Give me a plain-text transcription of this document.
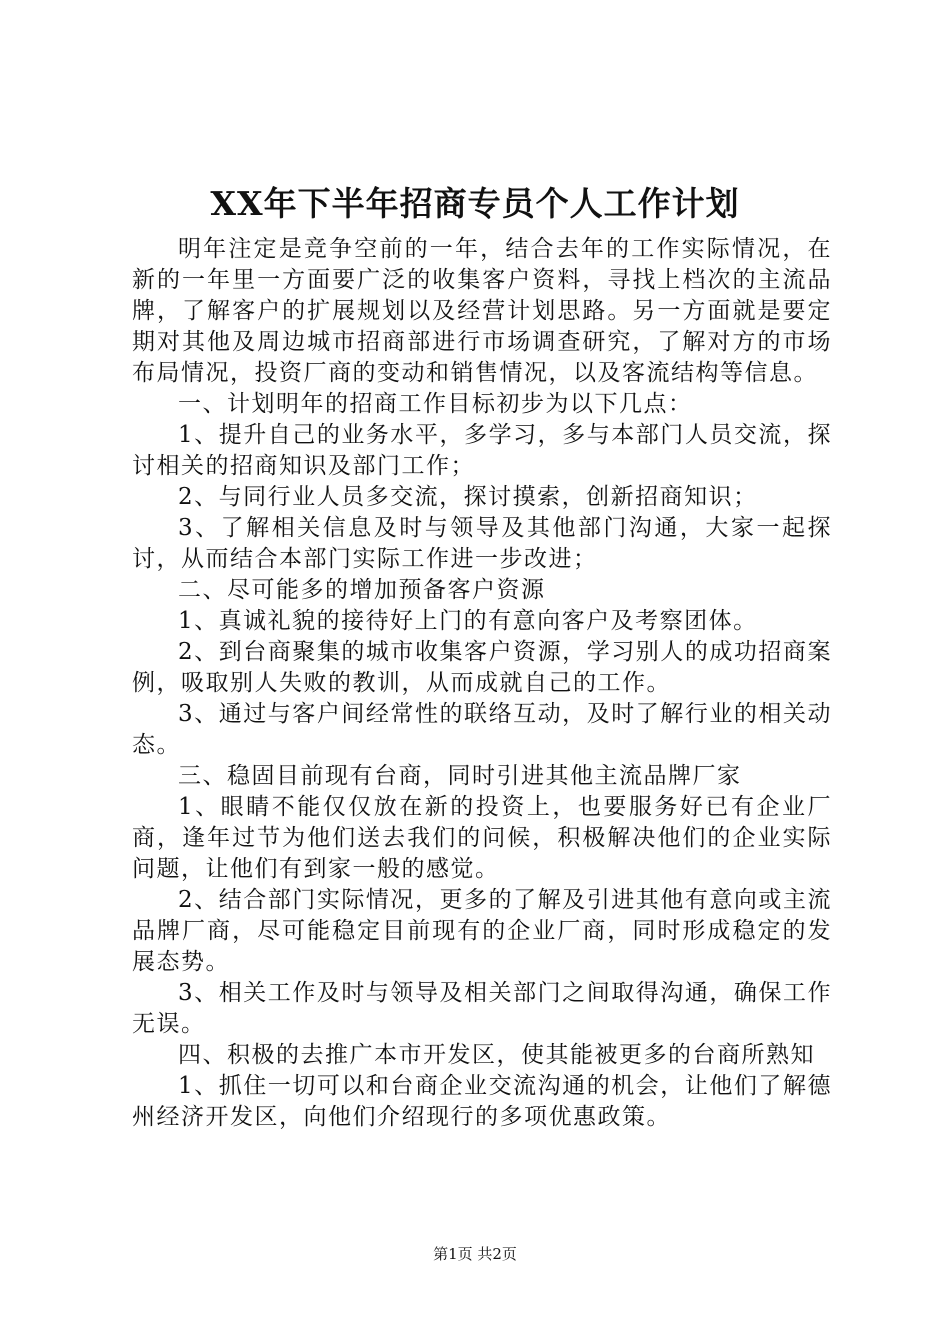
XX年下半年招商专员个人工作计划

明年注定是竞争空前的一年，结合去年的工作实际情况，在新的一年里一方面要广泛的收集客户资料，寻找上档次的主流品牌，了解客户的扩展规划以及经营计划思路。另一方面就是要定期对其他及周边城市招商部进行市场调查研究，了解对方的市场布局情况，投资厂商的变动和销售情况，以及客流结构等信息。

一、计划明年的招商工作目标初步为以下几点：

1、提升自己的业务水平，多学习，多与本部门人员交流，探讨相关的招商知识及部门工作；

2、与同行业人员多交流，探讨摸索，创新招商知识；

3、了解相关信息及时与领导及其他部门沟通，大家一起探讨，从而结合本部门实际工作进一步改进；

二、尽可能多的增加预备客户资源

1、真诚礼貌的接待好上门的有意向客户及考察团体。

2、到台商聚集的城市收集客户资源，学习别人的成功招商案例，吸取别人失败的教训，从而成就自己的工作。

3、通过与客户间经常性的联络互动，及时了解行业的相关动态。

三、稳固目前现有台商，同时引进其他主流品牌厂家

1、眼睛不能仅仅放在新的投资上，也要服务好已有企业厂商，逢年过节为他们送去我们的问候，积极解决他们的企业实际问题，让他们有到家一般的感觉。

2、结合部门实际情况，更多的了解及引进其他有意向或主流品牌厂商，尽可能稳定目前现有的企业厂商，同时形成稳定的发展态势。

3、相关工作及时与领导及相关部门之间取得沟通，确保工作无误。

四、积极的去推广本市开发区，使其能被更多的台商所熟知

1、抓住一切可以和台商企业交流沟通的机会，让他们了解德州经济开发区，向他们介绍现行的多项优惠政策。

第1页 共2页
